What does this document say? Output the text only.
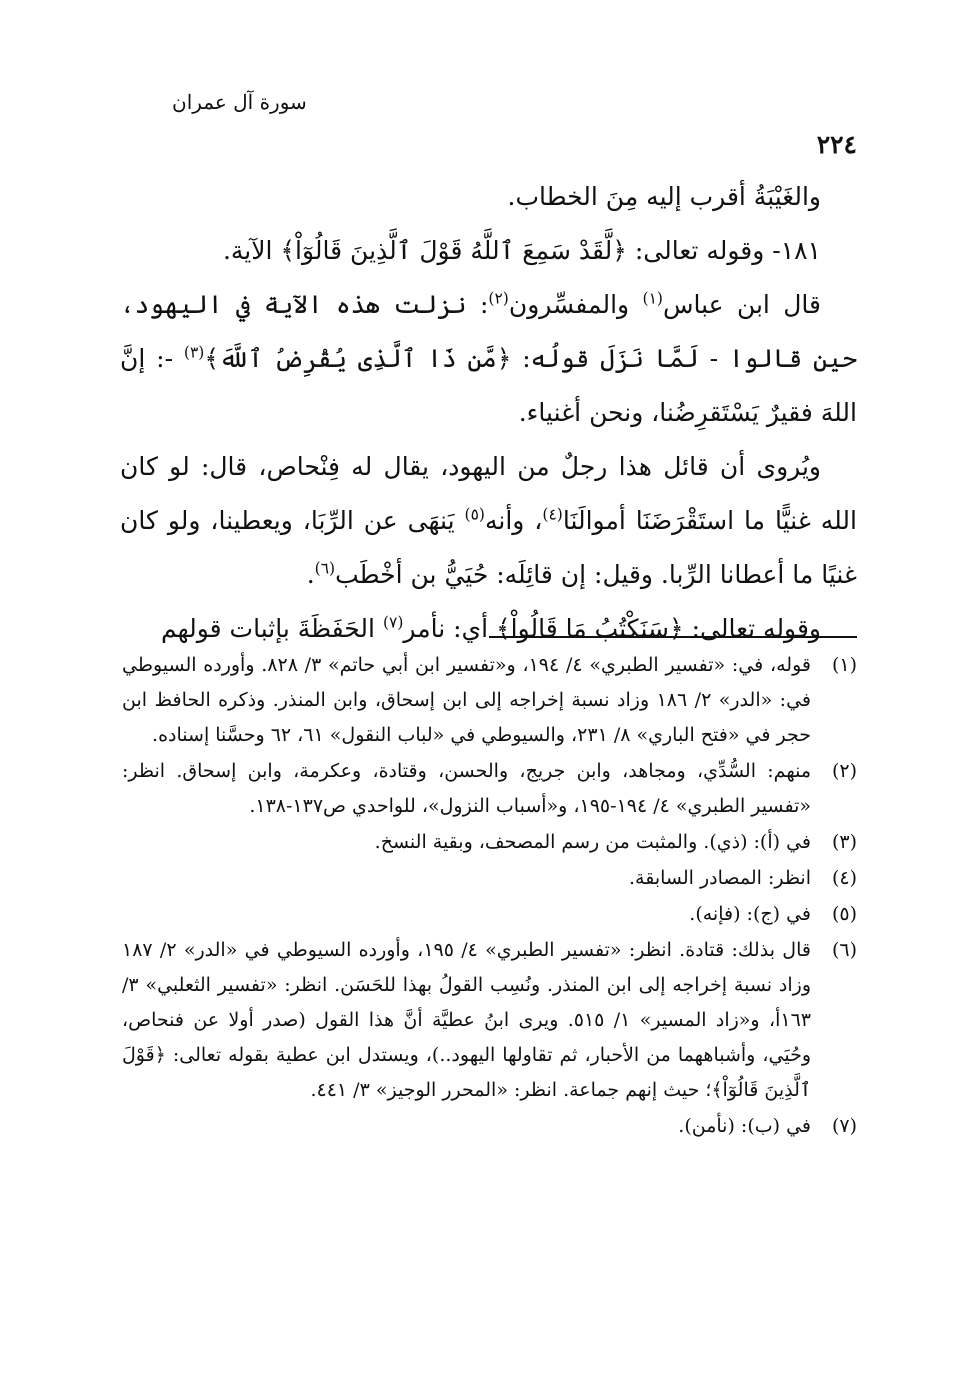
٢٢٤
سورة آل عمران

والغَيْبَةُ أقرب إليه مِنَ الخطاب.

١٨١- وقوله تعالى: ﴿لَّقَدْ سَمِعَ ٱللَّهُ قَوْلَ ٱلَّذِينَ قَالُوٓاْ﴾ الآية.

قال ابن عباس$^{(١)}$ والمفسِّرون$^{(٢)}$: نزلت هذه الآية في اليهود، حين قالوا - لَمَّا نَزَلَ قولُه: ﴿مَّن ذَا ٱلَّذِى يُقْرِضُ ٱللَّهَ﴾$^{(٣)}$ -: إنَّ اللهَ فقيرٌ يَسْتَقرِضُنا، ونحن أغنياء.

ويُروى أن قائل هذا رجلٌ من اليهود، يقال له فِنْحاص، قال: لو كان الله غنيًّا ما استَقْرَضَنَا أموالَنَا$^{(٤)}$، وأنه$^{(٥)}$ يَنهَى عن الرِّبَا، ويعطينا، ولو كان غنيًا ما أعطانا الرِّبا. وقيل: إن قائِلَه: حُيَيُّ بن أخْطَب$^{(٦)}$.

وقوله تعالى: ﴿سَنَكْتُبُ مَا قَالُواْ﴾ أي: نأمر$^{(٧)}$ الحَفَظَةَ بإثبات قولهم

(١)
قوله، في: «تفسير الطبري» ٤/ ١٩٤، و«تفسير ابن أبي حاتم» ٣/ ٨٢٨. وأورده السيوطي في: «الدر» ٢/ ١٨٦ وزاد نسبة إخراجه إلى ابن إسحاق، وابن المنذر. وذكره الحافظ ابن حجر في «فتح الباري» ٨/ ٢٣١، والسيوطي في «لباب النقول» ٦١، ٦٢ وحسَّنا إسناده.
(٢)
منهم: السُّدِّي، ومجاهد، وابن جريج، والحسن، وقتادة، وعكرمة، وابن إسحاق. انظر: «تفسير الطبري» ٤/ ١٩٤-١٩٥، و«أسباب النزول»، للواحدي ص١٣٧-١٣٨.
(٣)
في (أ): (ذي). والمثبت من رسم المصحف، وبقية النسخ.
(٤)
انظر: المصادر السابقة.
(٥)
في (ج): (فإنه).
(٦)
قال بذلك: قتادة. انظر: «تفسير الطبري» ٤/ ١٩٥، وأورده السيوطي في «الدر» ٢/ ١٨٧ وزاد نسبة إخراجه إلى ابن المنذر. ونُسِب القولُ بهذا للحَسَن. انظر: «تفسير الثعلبي» ٣/ ١٦٣أ، و«زاد المسير» ١/ ٥١٥. ويرى ابنُ عطيَّة أنَّ هذا القول (صدر أولا عن فنحاص، وحُيَي، وأشباههما من الأحبار، ثم تقاولها اليهود..)، ويستدل ابن عطية بقوله تعالى: ﴿قَوْلَ ٱلَّذِينَ قَالُوٓاْ﴾؛ حيث إنهم جماعة. انظر: «المحرر الوجيز» ٣/ ٤٤١.
(٧)
في (ب): (نأمن).
